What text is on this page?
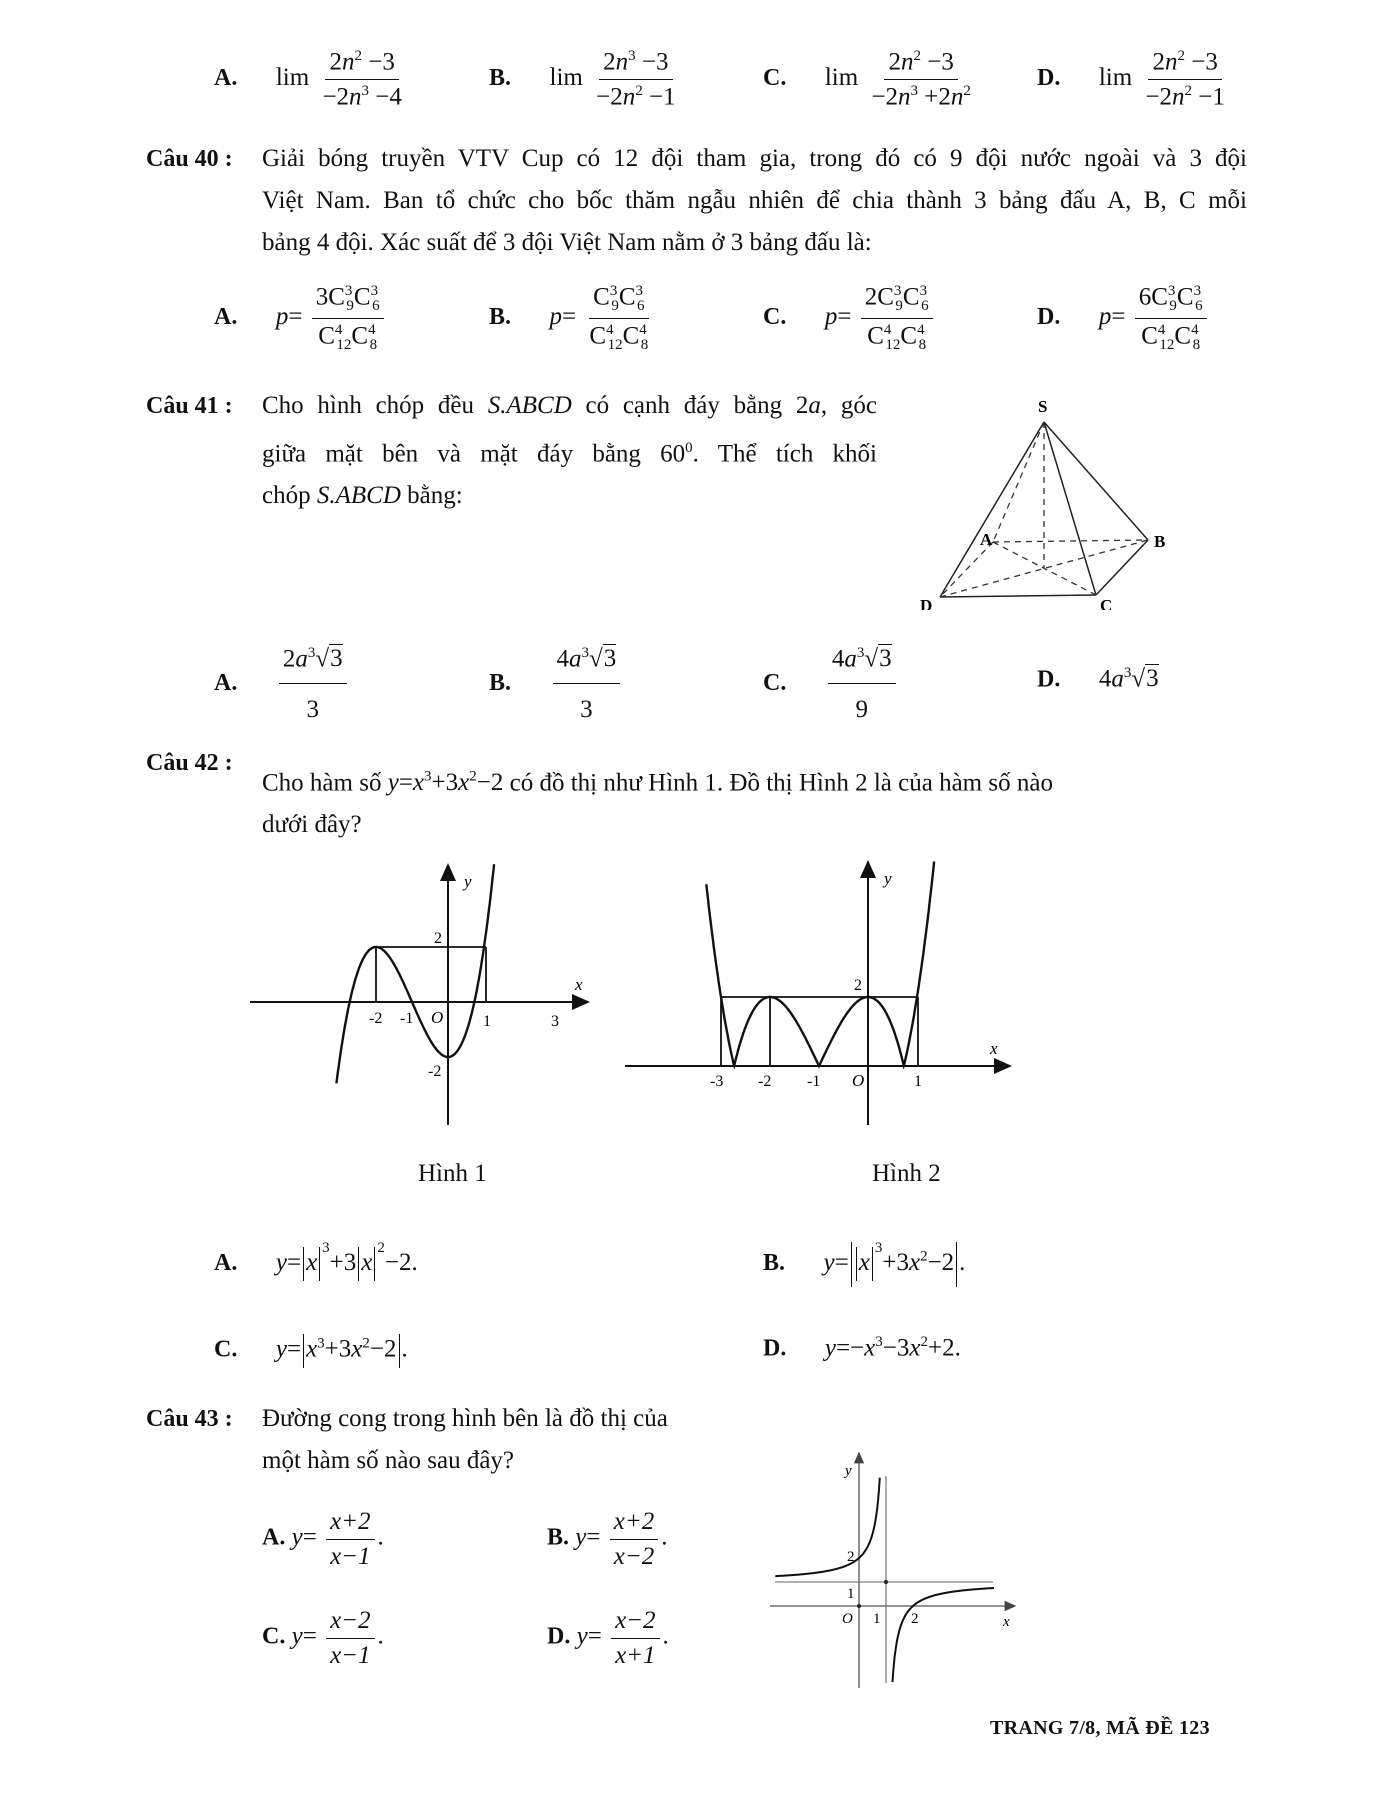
A. $\lim \frac{2n^2 -3}{-2n^3 -4}$	B. $\lim \frac{2n^3 -3}{-2n^2 -1}$	C. $\lim \frac{2n^2 -3}{-2n^3 +2n^2}$	D. $\lim \frac{2n^2 -3}{-2n^2 -1}$
Câu 40 : Giải bóng truyền VTV Cup có 12 đội tham gia, trong đó có 9 đội nước ngoài và 3 đội
Việt Nam. Ban tổ chức cho bốc thăm ngẫu nhiên để chia thành 3 bảng đấu A, B, C mỗi
bảng 4 đội. Xác suất để 3 đội Việt Nam nằm ở 3 bảng đấu là:
A. $p= \frac{3C^3_9C^3_6}{C^4_{12}C^4_8}$	B. $p= \frac{C^3_9C^3_6}{C^4_{12}C^4_8}$	C. $p= \frac{2C^3_9C^3_6}{C^4_{12}C^4_8}$	D. $p= \frac{6C^3_9C^3_6}{C^4_{12}C^4_8}$
Câu 41 : Cho hình chóp đều S.ABCD có cạnh đáy bằng 2a, góc
giữa mặt bên và mặt đáy bằng $60^0$. Thể tích khối
chóp S.ABCD bằng:
S
A	B
C
D
A. $\frac{2a^3√3}{3}$	B. $\frac{4a^3√3}{3}$	C. $\frac{4a^3√3}{9}$	D. $4a^3√3$
Câu 42 :
Cho hàm số $y=x^3+3x^2-2$ có đồ thị như Hình 1. Đồ thị Hình 2 là của hàm số nào
dưới đây?
y
x
O
-2 -1	1	3
2
-2
y
x
O
-3 -2 -1	1
2
Hình 1	Hình 2
A. $y= x^3+3$ $x^2-2$.	B. $y= x^3+3x^2-2$ .
C. $y= x^3+3x^2-2$ .	D. $y=-x^3-3x^2+2$.
Câu 43 : Đường cong trong hình bên là đồ thị của
một hàm số nào sau đây?
A. $y= \frac{x+2}{x-1}$ .	B. $y= \frac{x+2}{x-2}$ .
C. $y= \frac{x-2}{x-1}$ .	D. $y= \frac{x-2}{x+1}$ .
y
x
O
2
1
1 2
TRANG 7/8, MÃ ĐỀ 123
